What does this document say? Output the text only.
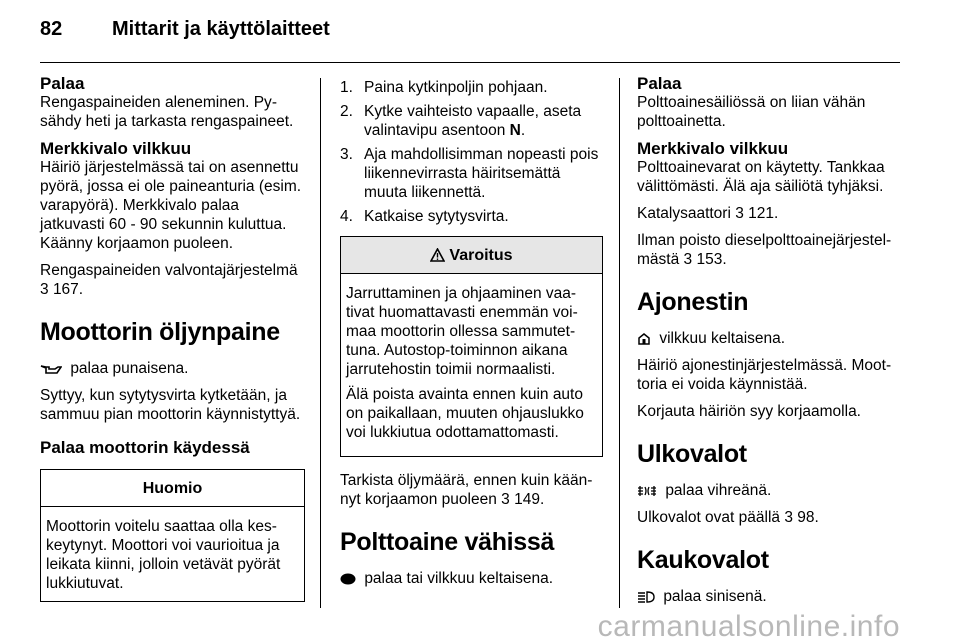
82 Mittarit ja käyttölaitteet
Palaa

Rengaspaineiden aleneminen. Pysähdy heti ja tarkasta rengaspaineet.

Merkkivalo vilkkuu

Häiriö järjestelmässä tai on asennettu pyörä, jossa ei ole paineanturia (esim. varapyörä). Merkkivalo palaa jatkuvasti 60 - 90 sekunnin kuluttua. Käänny korjaamon puoleen.

Rengaspaineiden valvontajärjestelmä 3 167.

Moottorin öljynpaine

palaa punaisena.

Syttyy, kun sytytysvirta kytketään, ja sammuu pian moottorin käynnistyttyä.

Palaa moottorin käydessä
Huomio
Moottorin voitelu saattaa olla keskeytynyt. Moottori voi vaurioitua ja leikata kiinni, jolloin vetävät pyörät lukkiutuvat.
1. Paina kytkinpoljin pohjaan.
2. Kytke vaihteisto vapaalle, aseta valintavipu asentoon N.
3. Aja mahdollisimman nopeasti pois liikennevirrasta häiritsemättä muuta liikennettä.
4. Katkaise sytytysvirta.
Varoitus

Jarruttaminen ja ohjaaminen vaativat huomattavasti enemmän voimaa moottorin ollessa sammutettuna. Autostop-toiminnon aikana jarrutehostin toimii normaalisti.

Älä poista avainta ennen kuin auto on paikallaan, muuten ohjauslukko voi lukkiutua odottamattomasti.

Tarkista öljymäärä, ennen kuin käännyt korjaamon puoleen 3 149.

Polttoaine vähissä

palaa tai vilkkuu keltaisena.

Palaa

Polttoainesäiliössä on liian vähän polttoainetta.

Merkkivalo vilkkuu

Polttoainevarat on käytetty. Tankkaa välittömästi. Älä aja säiliötä tyhjäksi.

Katalysaattori 3 121.

Ilman poisto dieselpolttoainejärjestelmästä 3 153.

Ajonestin

vilkkuu keltaisena.

Häiriö ajonestinjärjestelmässä. Moottoria ei voida käynnistää.

Korjauta häiriön syy korjaamolla.

Ulkovalot

palaa vihreänä.

Ulkovalot ovat päällä 3 98.

Kaukovalot

palaa sinisenä.

carmanualsonline.info
